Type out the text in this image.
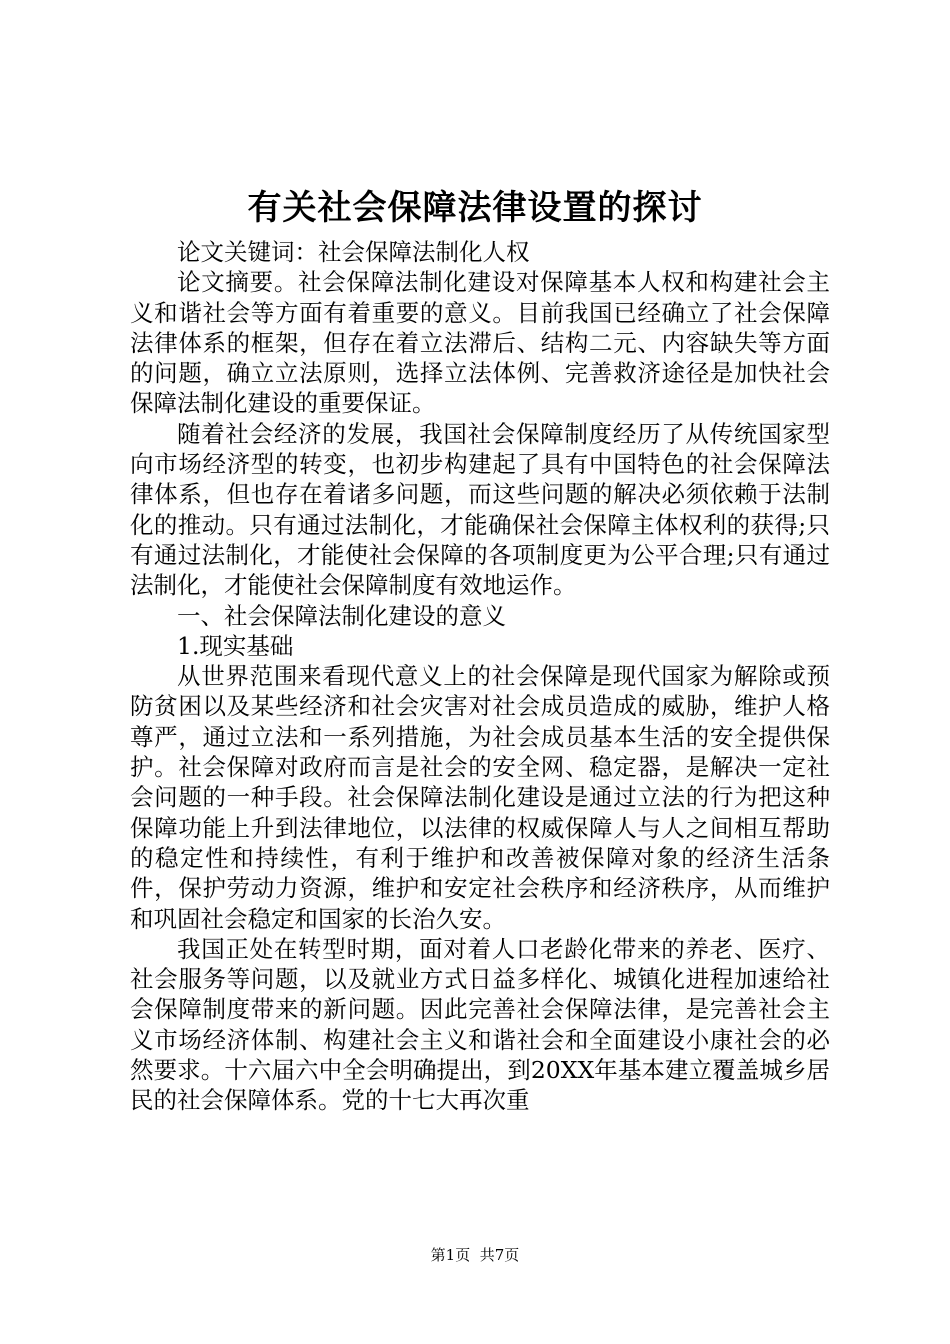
有关社会保障法律设置的探讨

论文关键词：社会保障法制化人权

论文摘要。社会保障法制化建设对保障基本人权和构建社会主义和谐社会等方面有着重要的意义。目前我国已经确立了社会保障法律体系的框架，但存在着立法滞后、结构二元、内容缺失等方面的问题，确立立法原则，选择立法体例、完善救济途径是加快社会保障法制化建设的重要保证。

随着社会经济的发展，我国社会保障制度经历了从传统国家型向市场经济型的转变，也初步构建起了具有中国特色的社会保障法律体系，但也存在着诸多问题，而这些问题的解决必须依赖于法制化的推动。只有通过法制化，才能确保社会保障主体权利的获得;只有通过法制化，才能使社会保障的各项制度更为公平合理;只有通过法制化，才能使社会保障制度有效地运作。

一、社会保障法制化建设的意义

1.现实基础

从世界范围来看现代意义上的社会保障是现代国家为解除或预防贫困以及某些经济和社会灾害对社会成员造成的威胁，维护人格尊严，通过立法和一系列措施，为社会成员基本生活的安全提供保护。社会保障对政府而言是社会的安全网、稳定器，是解决一定社会问题的一种手段。社会保障法制化建设是通过立法的行为把这种保障功能上升到法律地位，以法律的权威保障人与人之间相互帮助的稳定性和持续性，有利于维护和改善被保障对象的经济生活条件，保护劳动力资源，维护和安定社会秩序和经济秩序，从而维护和巩固社会稳定和国家的长治久安。

我国正处在转型时期，面对着人口老龄化带来的养老、医疗、社会服务等问题，以及就业方式日益多样化、城镇化进程加速给社会保障制度带来的新问题。因此完善社会保障法律，是完善社会主义市场经济体制、构建社会主义和谐社会和全面建设小康社会的必然要求。十六届六中全会明确提出，到20XX年基本建立覆盖城乡居民的社会保障体系。党的十七大再次重

第1页 共7页
